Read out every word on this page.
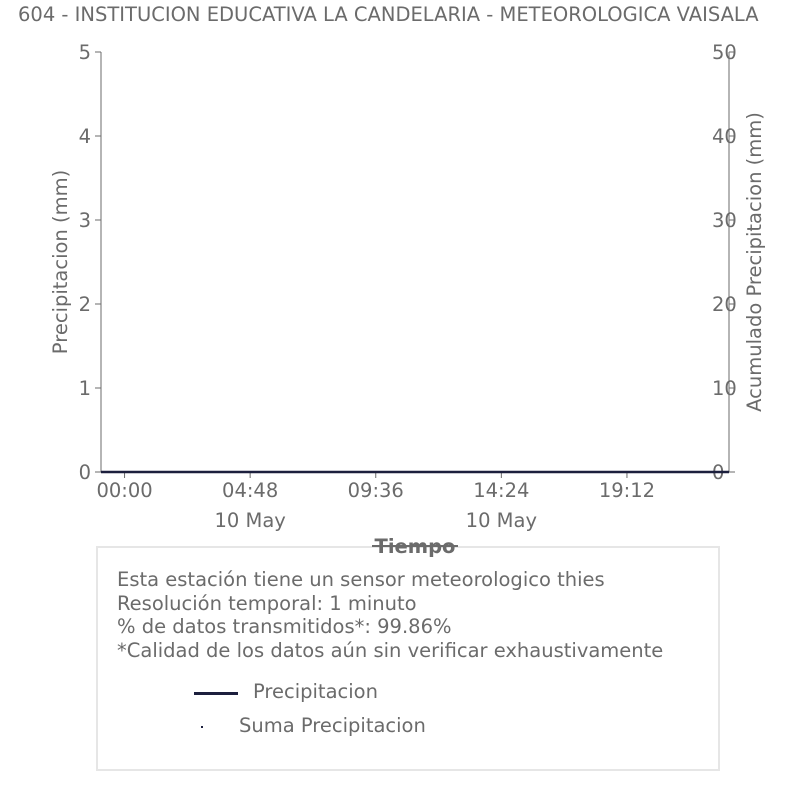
604 - INSTITUCION EDUCATIVA LA CANDELARIA - METEOROLOGICA VAISALA
0
1
2
3
4
5
0
10
20
30
40
50
00:00	04:48
10 May
09:36	14:24
10 May
19:12
Precipitacion (mm)	Acumulado Precipitacion (mm)
Esta estación tiene un sensor meteorologico thies
Resolución temporal: 1 minuto
% de datos transmitidos*: 99.86%
*Calidad de los datos aún sin verificar exhaustivamente
Precipitacion
Suma Precipitacion
Tiempo
